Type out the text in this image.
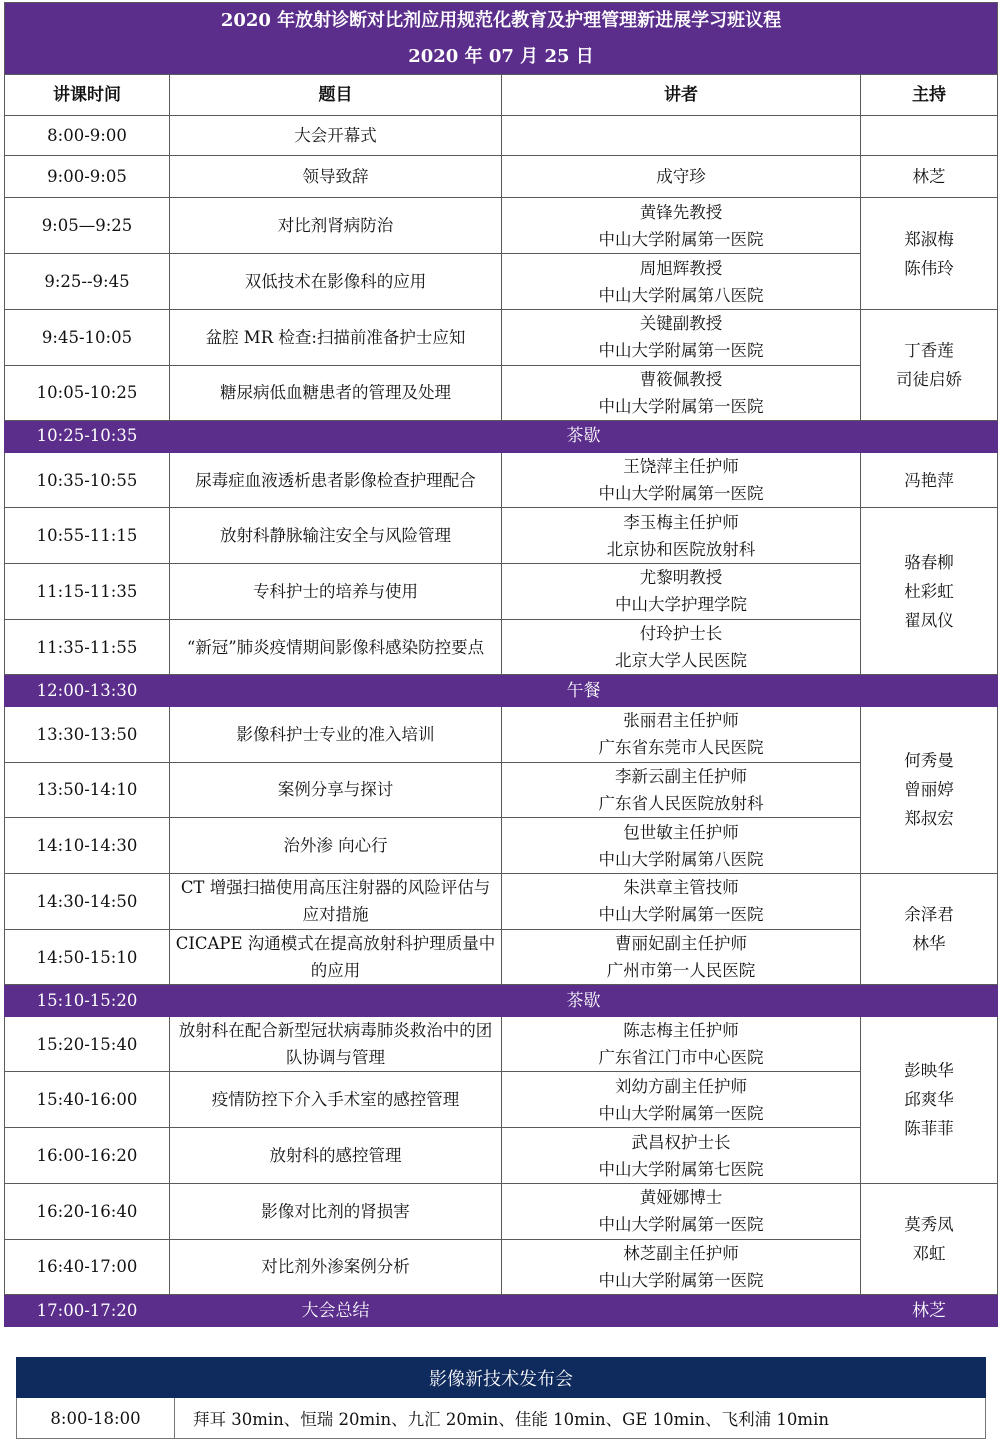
2020 年放射诊断对比剂应用规范化教育及护理管理新进展学习班议程			
2020 年 07 月 25 日			
讲课时间	题目	讲者	主持
8:00-9:00	大会开幕式		
9:00-9:05	领导致辞	成守珍	林芝

9:05—9:25	对比剂肾病防治	黄锋先教授
中山大学附属第一医院	郑淑梅
陈伟玲

9:25--9:45	双低技术在影像科的应用	周旭辉教授
中山大学附属第八医院	

9:45-10:05	盆腔 MR 检查:扫描前准备护士应知	关键副教授
中山大学附属第一医院	丁香莲
司徒启娇

10:05-10:25	糖尿病低血糖患者的管理及处理	曹筱佩教授
中山大学附属第一医院	

10:25-10:35	茶歇		
10:35-10:55	尿毒症血液透析患者影像检查护理配合	王饶萍主任护师
中山大学附属第一医院	冯艳萍

10:55-11:15	放射科静脉输注安全与风险管理	李玉梅主任护师
北京协和医院放射科	骆春柳
杜彩虹
翟凤仪

11:15-11:35	专科护士的培养与使用	尤黎明教授
中山大学护理学院	

11:35-11:55	“新冠”肺炎疫情期间影像科感染防控要点	付玲护士长
北京大学人民医院	

12:00-13:30	午餐		
13:30-13:50	影像科护士专业的准入培训	张丽君主任护师
广东省东莞市人民医院	何秀曼
曾丽婷
郑叔宏

13:50-14:10	案例分享与探讨	李新云副主任护师
广东省人民医院放射科	

14:10-14:30	治外渗 向心行	包世敏主任护师
中山大学附属第八医院	

14:30-14:50	CT 增强扫描使用高压注射器的风险评估与应对措施	朱洪章主管技师
中山大学附属第一医院	余泽君
林华

14:50-15:10	CICAPE 沟通模式在提高放射科护理质量中的应用	曹丽妃副主任护师
广州市第一人民医院	

15:10-15:20	茶歇		
15:20-15:40	放射科在配合新型冠状病毒肺炎救治中的团队协调与管理	陈志梅主任护师
广东省江门市中心医院	彭映华
邱爽华
陈菲菲

15:40-16:00	疫情防控下介入手术室的感控管理	刘幼方副主任护师
中山大学附属第一医院	

16:00-16:20	放射科的感控管理	武昌权护士长
中山大学附属第七医院	

16:20-16:40	影像对比剂的肾损害	黄娅娜博士
中山大学附属第一医院	莫秀凤
邓虹

16:40-17:00	对比剂外渗案例分析	林芝副主任护师
中山大学附属第一医院	

17:00-17:20	大会总结		林芝
影像新技术发布会
8:00-18:00	拜耳 30min、恒瑞 20min、九汇 20min、佳能 10min、GE 10min、飞利浦 10min
